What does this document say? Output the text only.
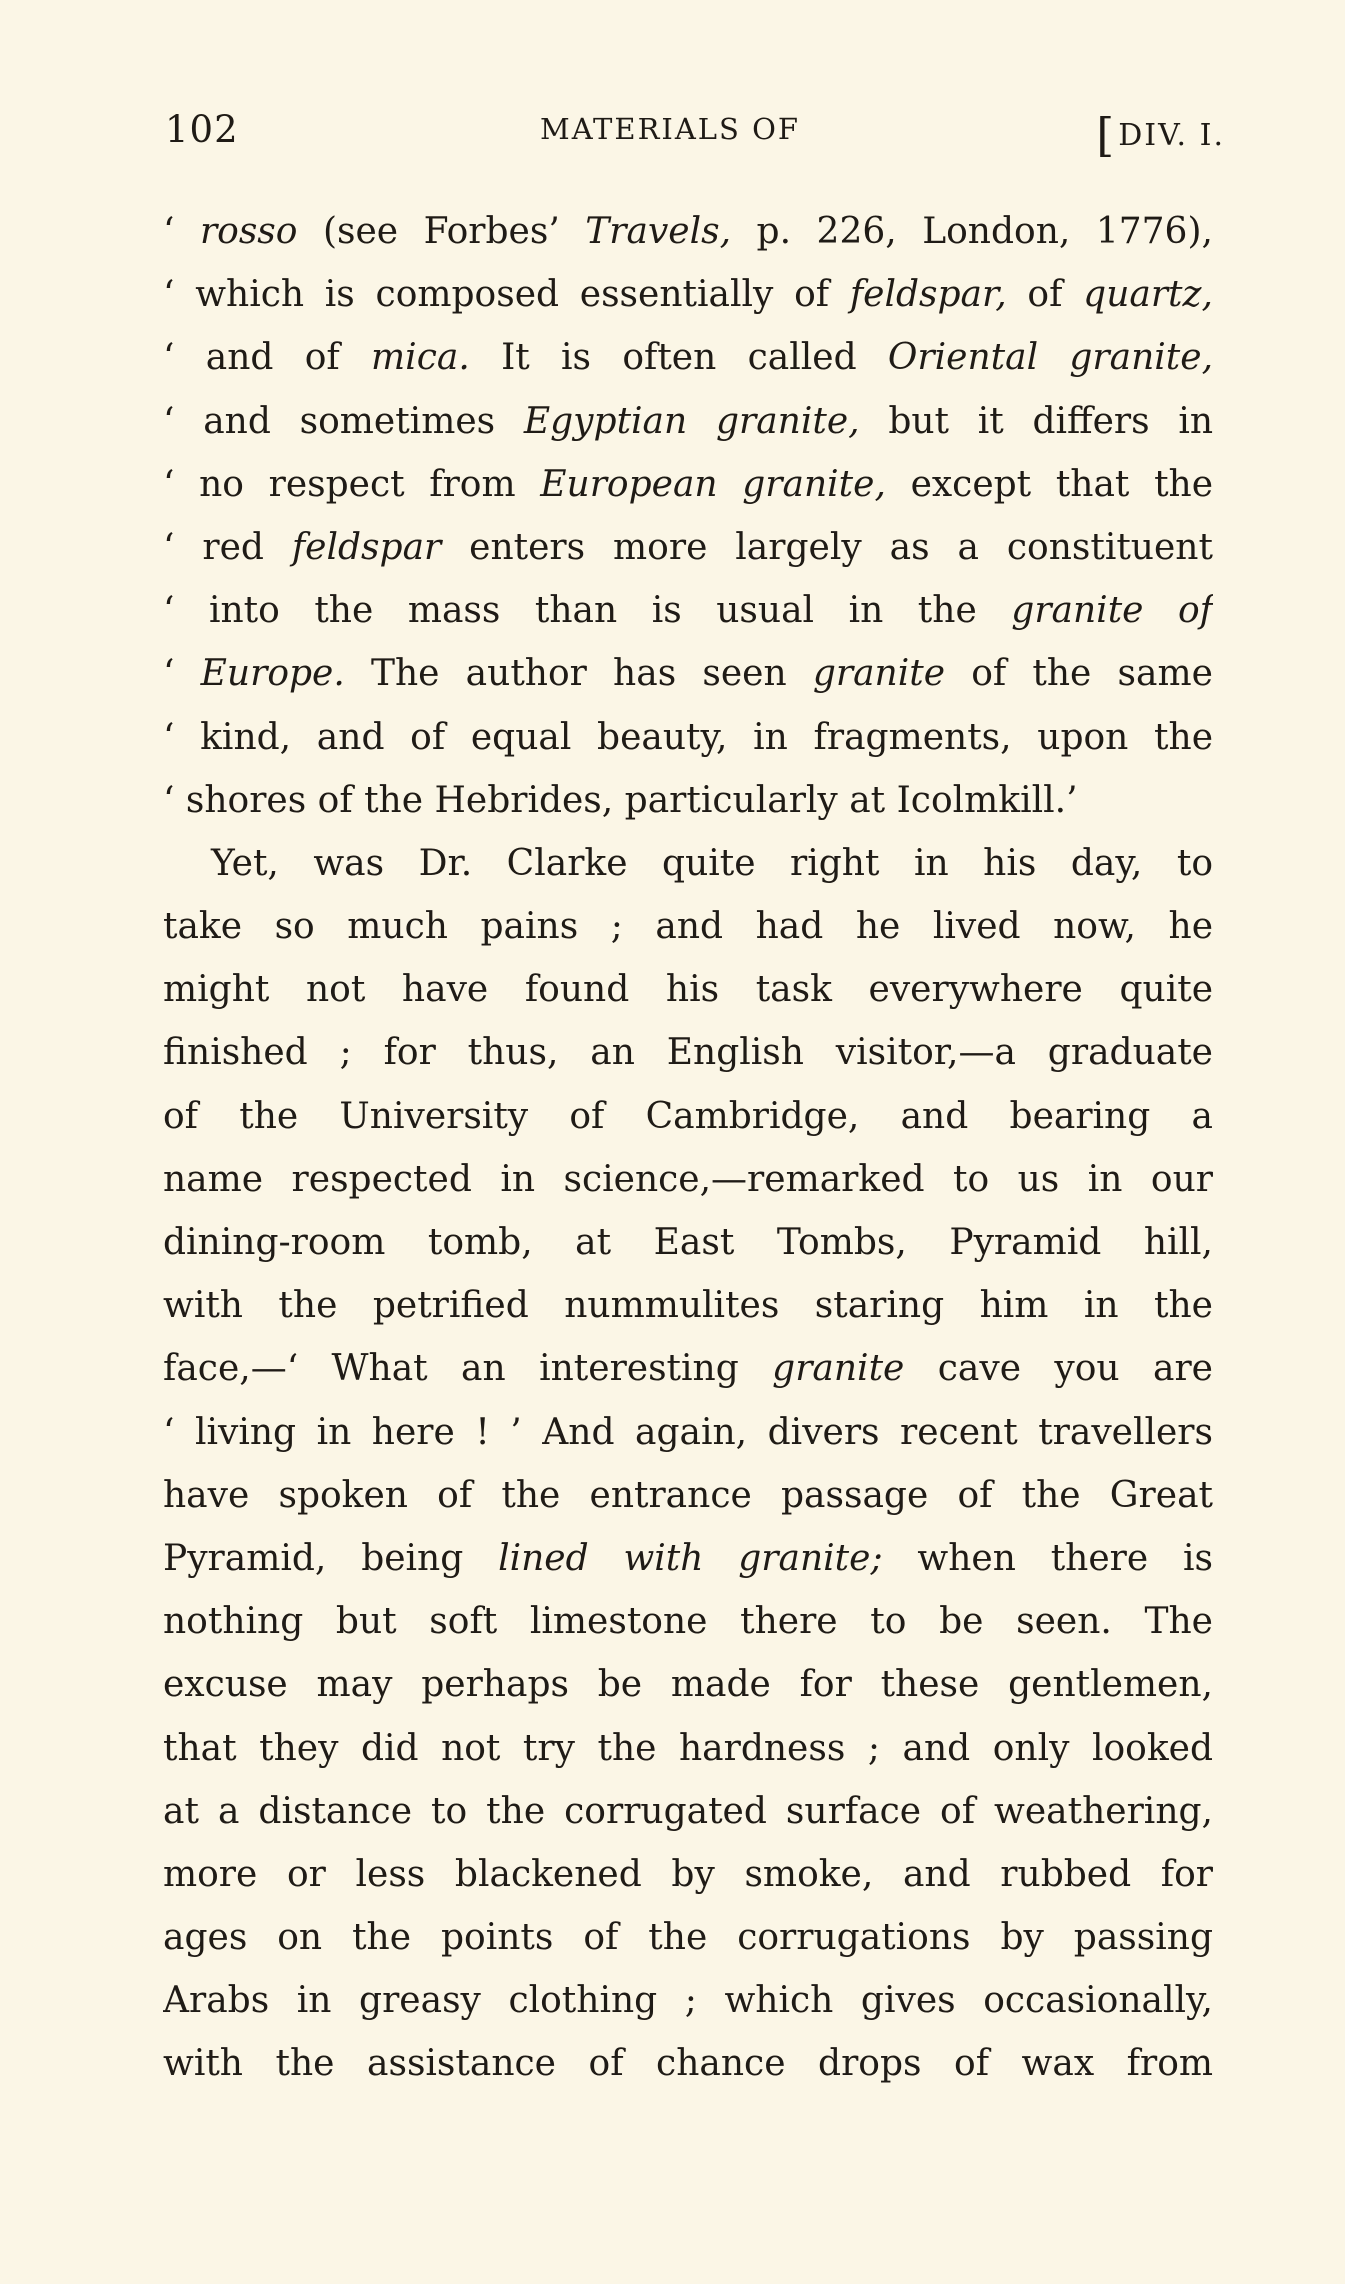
102	MATERIALS OF	[DIV. I.
‘ rosso (see Forbes’ Travels, p. 226, London, 1776),
‘ which is composed essentially of feldspar, of quartz,
‘ and of mica. It is often called Oriental granite,
‘ and sometimes Egyptian granite, but it differs in
‘ no respect from European granite, except that the
‘ red feldspar enters more largely as a constituent
‘ into the mass than is usual in the granite of
‘ Europe. The author has seen granite of the same
‘ kind, and of equal beauty, in fragments, upon the
‘ shores of the Hebrides, particularly at Icolmkill.’
Yet, was Dr. Clarke quite right in his day, to
take so much pains ; and had he lived now, he
might not have found his task everywhere quite
finished ; for thus, an English visitor,—a graduate
of the University of Cambridge, and bearing a
name respected in science,—remarked to us in our
dining-room tomb, at East Tombs, Pyramid hill,
with the petrified nummulites staring him in the
face,—‘ What an interesting granite cave you are
‘ living in here ! ’ And again, divers recent travellers
have spoken of the entrance passage of the Great
Pyramid, being lined with granite; when there is
nothing but soft limestone there to be seen. The
excuse may perhaps be made for these gentlemen,
that they did not try the hardness ; and only looked
at a distance to the corrugated surface of weathering,
more or less blackened by smoke, and rubbed for
ages on the points of the corrugations by passing
Arabs in greasy clothing ; which gives occasionally,
with the assistance of chance drops of wax from
